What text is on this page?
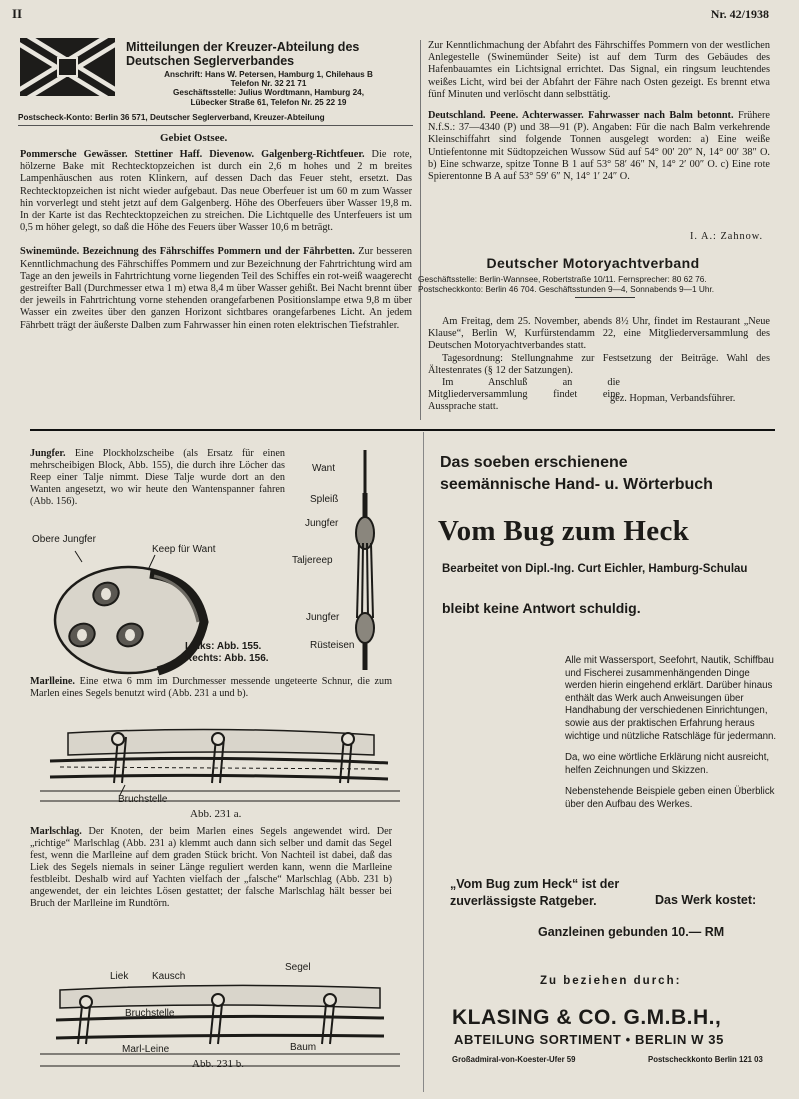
II	Nr. 42/1938
Mitteilungen der Kreuzer-Abteilung des Deutschen Seglerverbandes
Anschrift: Hans W. Petersen, Hamburg 1, Chilehaus B
Telefon Nr. 32 21 71
Geschäftsstelle: Julius Wordtmann, Hamburg 24,
Lübecker Straße 61, Telefon Nr. 25 22 19
Postscheck-Konto: Berlin 36 571, Deutscher Seglerverband, Kreuzer-Abteilung
Gebiet Ostsee.

Pommersche Gewässer. Stettiner Haff. Dievenow. Galgenberg-Richtfeuer. Die rote, hölzerne Bake mit Rechtecktopzeichen ist durch ein 2,6 m hohes und 2 m breites Lampenhäuschen aus roten Klinkern, auf dessen Dach das Feuer steht, ersetzt. Das Rechtecktopzeichen ist nicht wieder aufgebaut. Das neue Oberfeuer ist um 60 m zum Wasser hin vorverlegt und steht jetzt auf dem Galgenberg. Höhe des Oberfeuers über Wasser 19,8 m. In der Karte ist das Rechtecktopzeichen zu streichen. Die Lichtquelle des Unterfeuers ist um 0,5 m höher gelegt, so daß die Höhe des Feuers über Wasser 10,6 m beträgt.

Swinemünde. Bezeichnung des Fährschiffes Pommern und der Fährbetten. Zur besseren Kenntlichmachung des Fährschiffes Pommern und zur Bezeichnung der Fahrtrichtung wird am Tage an den jeweils in Fahrtrichtung vorne liegenden Teil des Schiffes ein rot-weiß waagerecht gestreifter Ball (Durchmesser etwa 1 m) etwa 8,4 m über Wasser gehißt. Bei Nacht brennt über der jeweils in Fahrtrichtung vorne stehenden orangefarbenen Positionslampe etwa 9,8 m über Wasser ein zweites über den ganzen Horizont sichtbares orangefarbenes Licht. An jedem Fährbett trägt der äußerste Dalben zum Fahrwasser hin einen roten elektrischen Tiefstrahler.

Zur Kenntlichmachung der Abfahrt des Fährschiffes Pommern von der westlichen Anlegestelle (Swinemünder Seite) ist auf dem Turm des Gebäudes des Hafenbauamtes ein Lichtsignal errichtet. Das Signal, ein ringsum leuchtendes weißes Licht, wird bei der Abfahrt der Fähre nach Osten gezeigt. Es brennt etwa fünf Minuten und verlöscht dann selbsttätig.

Deutschland. Peene. Achterwasser. Fahrwasser nach Balm betonnt. Frühere N.f.S.: 37—4340 (P) und 38—91 (P). Angaben: Für die nach Balm verkehrende Kleinschiffahrt sind folgende Tonnen ausgelegt worden: a) Eine weiße Untiefentonne mit Südtopzeichen Wussow Süd auf 54° 00′ 20″ N, 14° 00′ 38″ O. b) Eine schwarze, spitze Tonne B 1 auf 53° 58′ 46″ N, 14° 2′ 00″ O. c) Eine rote Spierentonne B A auf 53° 59′ 6″ N, 14° 1′ 24″ O.

I. A.: Zahnow.
Deutscher Motoryachtverband
Geschäftsstelle: Berlin-Wannsee, Robertstraße 10/11. Fernsprecher: 80 62 76.
Postscheckkonto: Berlin 46 704. Geschäftsstunden 9—4, Sonnabends 9—1 Uhr.
Am Freitag, dem 25. November, abends 8½ Uhr, findet im Restaurant „Neue Klause“, Berlin W, Kurfürstendamm 22, eine Mitgliederversammlung des Deutschen Motoryachtverbandes statt.
Tagesordnung: Stellungnahme zur Festsetzung der Beiträge. Wahl des Ältestenrates (§ 12 der Satzungen).
Im Anschluß an die Mitgliederversammlung findet eine Aussprache statt.
gez. Hopman, Verbandsführer.
Jungfer. Eine Plockholzscheibe (als Ersatz für einen mehrscheibigen Block, Abb. 155), die durch ihre Löcher das Reep einer Talje nimmt. Diese Talje wurde dort an den Wanten angesetzt, wo wir heute den Wantenspanner fahren (Abb. 156).
Obere Jungfer
Keep für Want
Links: Abb. 155.
Rechts: Abb. 156.
Want
Spleiß
Jungfer
Taljereep
Jungfer
Rüsteisen
Marlleine. Eine etwa 6 mm im Durchmesser messende ungeteerte Schnur, die zum Marlen eines Segels benutzt wird (Abb. 231 a und b).
Bruchstelle
Abb. 231 a.
Marlschlag. Der Knoten, der beim Marlen eines Segels angewendet wird. Der „richtige“ Marlschlag (Abb. 231 a) klemmt auch dann sich selber und damit das Segel fest, wenn die Marlleine auf dem graden Stück bricht. Von Nachteil ist dabei, daß das Liek des Segels niemals in seiner Länge reguliert werden kann, wenn die Marlleine festbleibt. Deshalb wird auf Yachten vielfach der „falsche“ Marlschlag (Abb. 231 b) angewendet, der ein leichtes Lösen gestattet; der falsche Marlschlag hält besser bei Bruch der Marlleine im Rundtörn.
Liek Kausch
Segel
Bruchstelle
Marl-Leine	Baum
Abb. 231 b.
Das soeben erschienene
seemännische Hand- u. Wörterbuch
Vom Bug zum Heck
Bearbeitet von Dipl.-Ing. Curt Eichler, Hamburg-Schulau
bleibt keine Antwort schuldig.

Alle mit Wassersport, Seefohrt, Nautik, Schiffbau und Fischerei zusammenhängenden Dinge werden hierin eingehend erklärt. Darüber hinaus enthält das Werk auch Anweisungen über Handhabung der verschiedenen Einrichtungen, sowie aus der praktischen Erfahrung heraus wichtige und nützliche Ratschläge für jedermann.

Da, wo eine wörtliche Erklärung nicht ausreicht, helfen Zeichnungen und Skizzen.

Nebenstehende Beispiele geben einen Überblick über den Aufbau des Werkes.

„Vom Bug zum Heck“ ist der zuverlässigste Ratgeber.	Das Werk kostet:
Ganzleinen gebunden 10.— RM
Zu beziehen durch:
KLASING & CO. G.M.B.H.,
ABTEILUNG SORTIMENT • BERLIN W 35
Großadmiral-von-Koester-Ufer 59	Postscheckkonto Berlin 121 03
